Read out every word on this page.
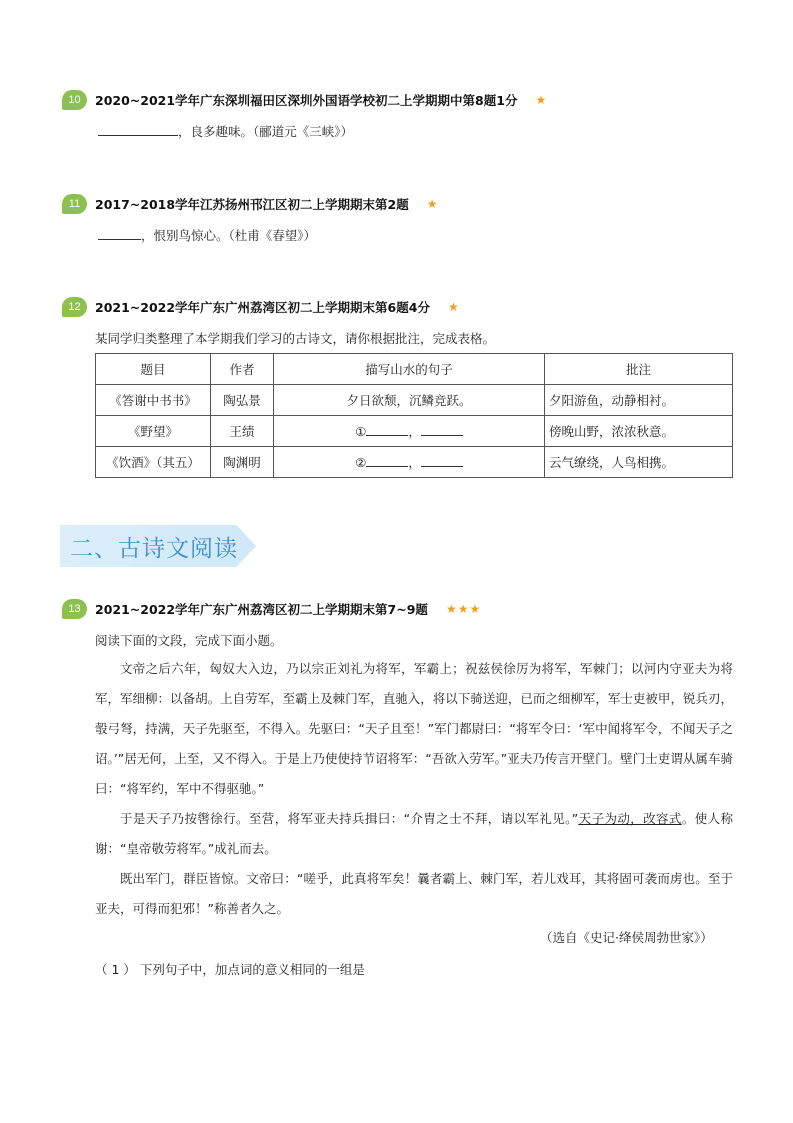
10	2020~2021学年广东深圳福田区深圳外国语学校初二上学期期中第8题1分 ★
，良多趣味。（郦道元《三峡》）
11	2017~2018学年江苏扬州邗江区初二上学期期末第2题 ★
，恨别鸟惊心。（杜甫《春望》）
12	2021~2022学年广东广州荔湾区初二上学期期末第6题4分 ★
某同学归类整理了本学期我们学习的古诗文，请你根据批注，完成表格。
题目	作者	描写山水的句子	批注
《答谢中书书》	陶弘景	夕日欲颓，沉鳞竞跃。	夕阳游鱼，动静相衬。
《野望》	王绩	① ，	傍晚山野，浓浓秋意。
《饮酒》（其五）	陶渊明	② ，	云气缭绕，人鸟相携。
二、古诗文阅读
13	2021~2022学年广东广州荔湾区初二上学期期末第7~9题 ★★★
阅读下面的文段，完成下面小题。

文帝之后六年，匈奴大入边，乃以宗正刘礼为将军，军霸上；祝兹侯徐厉为将军，军棘门；以河内守亚夫为将军，军细柳：以备胡。上自劳军，至霸上及棘门军，直驰入，将以下骑送迎，已而之细柳军，军士吏被甲，锐兵刃，彀弓弩，持满，天子先驱至，不得入。先驱曰：“天子且至！”军门都尉曰：“将军令曰：‘军中闻将军令，不闻天子之诏。’”居无何，上至，又不得入。于是上乃使使持节诏将军：“吾欲入劳军。”亚夫乃传言开壁门。壁门士吏谓从属车骑曰：“将军约，军中不得驱驰。”

于是天子乃按辔徐行。至营，将军亚夫持兵揖曰：“介胄之士不拜，请以军礼见。”天子为动，改容式。使人称谢：“皇帝敬劳将军。”成礼而去。

既出军门，群臣皆惊。文帝曰：“嗟乎，此真将军矣！曩者霸上、棘门军，若儿戏耳，其将固可袭而虏也。至于亚夫，可得而犯邪！”称善者久之。

（选自《史记·绛侯周勃世家》）
（ 1 ） 下列句子中，加点词的意义相同的一组是
